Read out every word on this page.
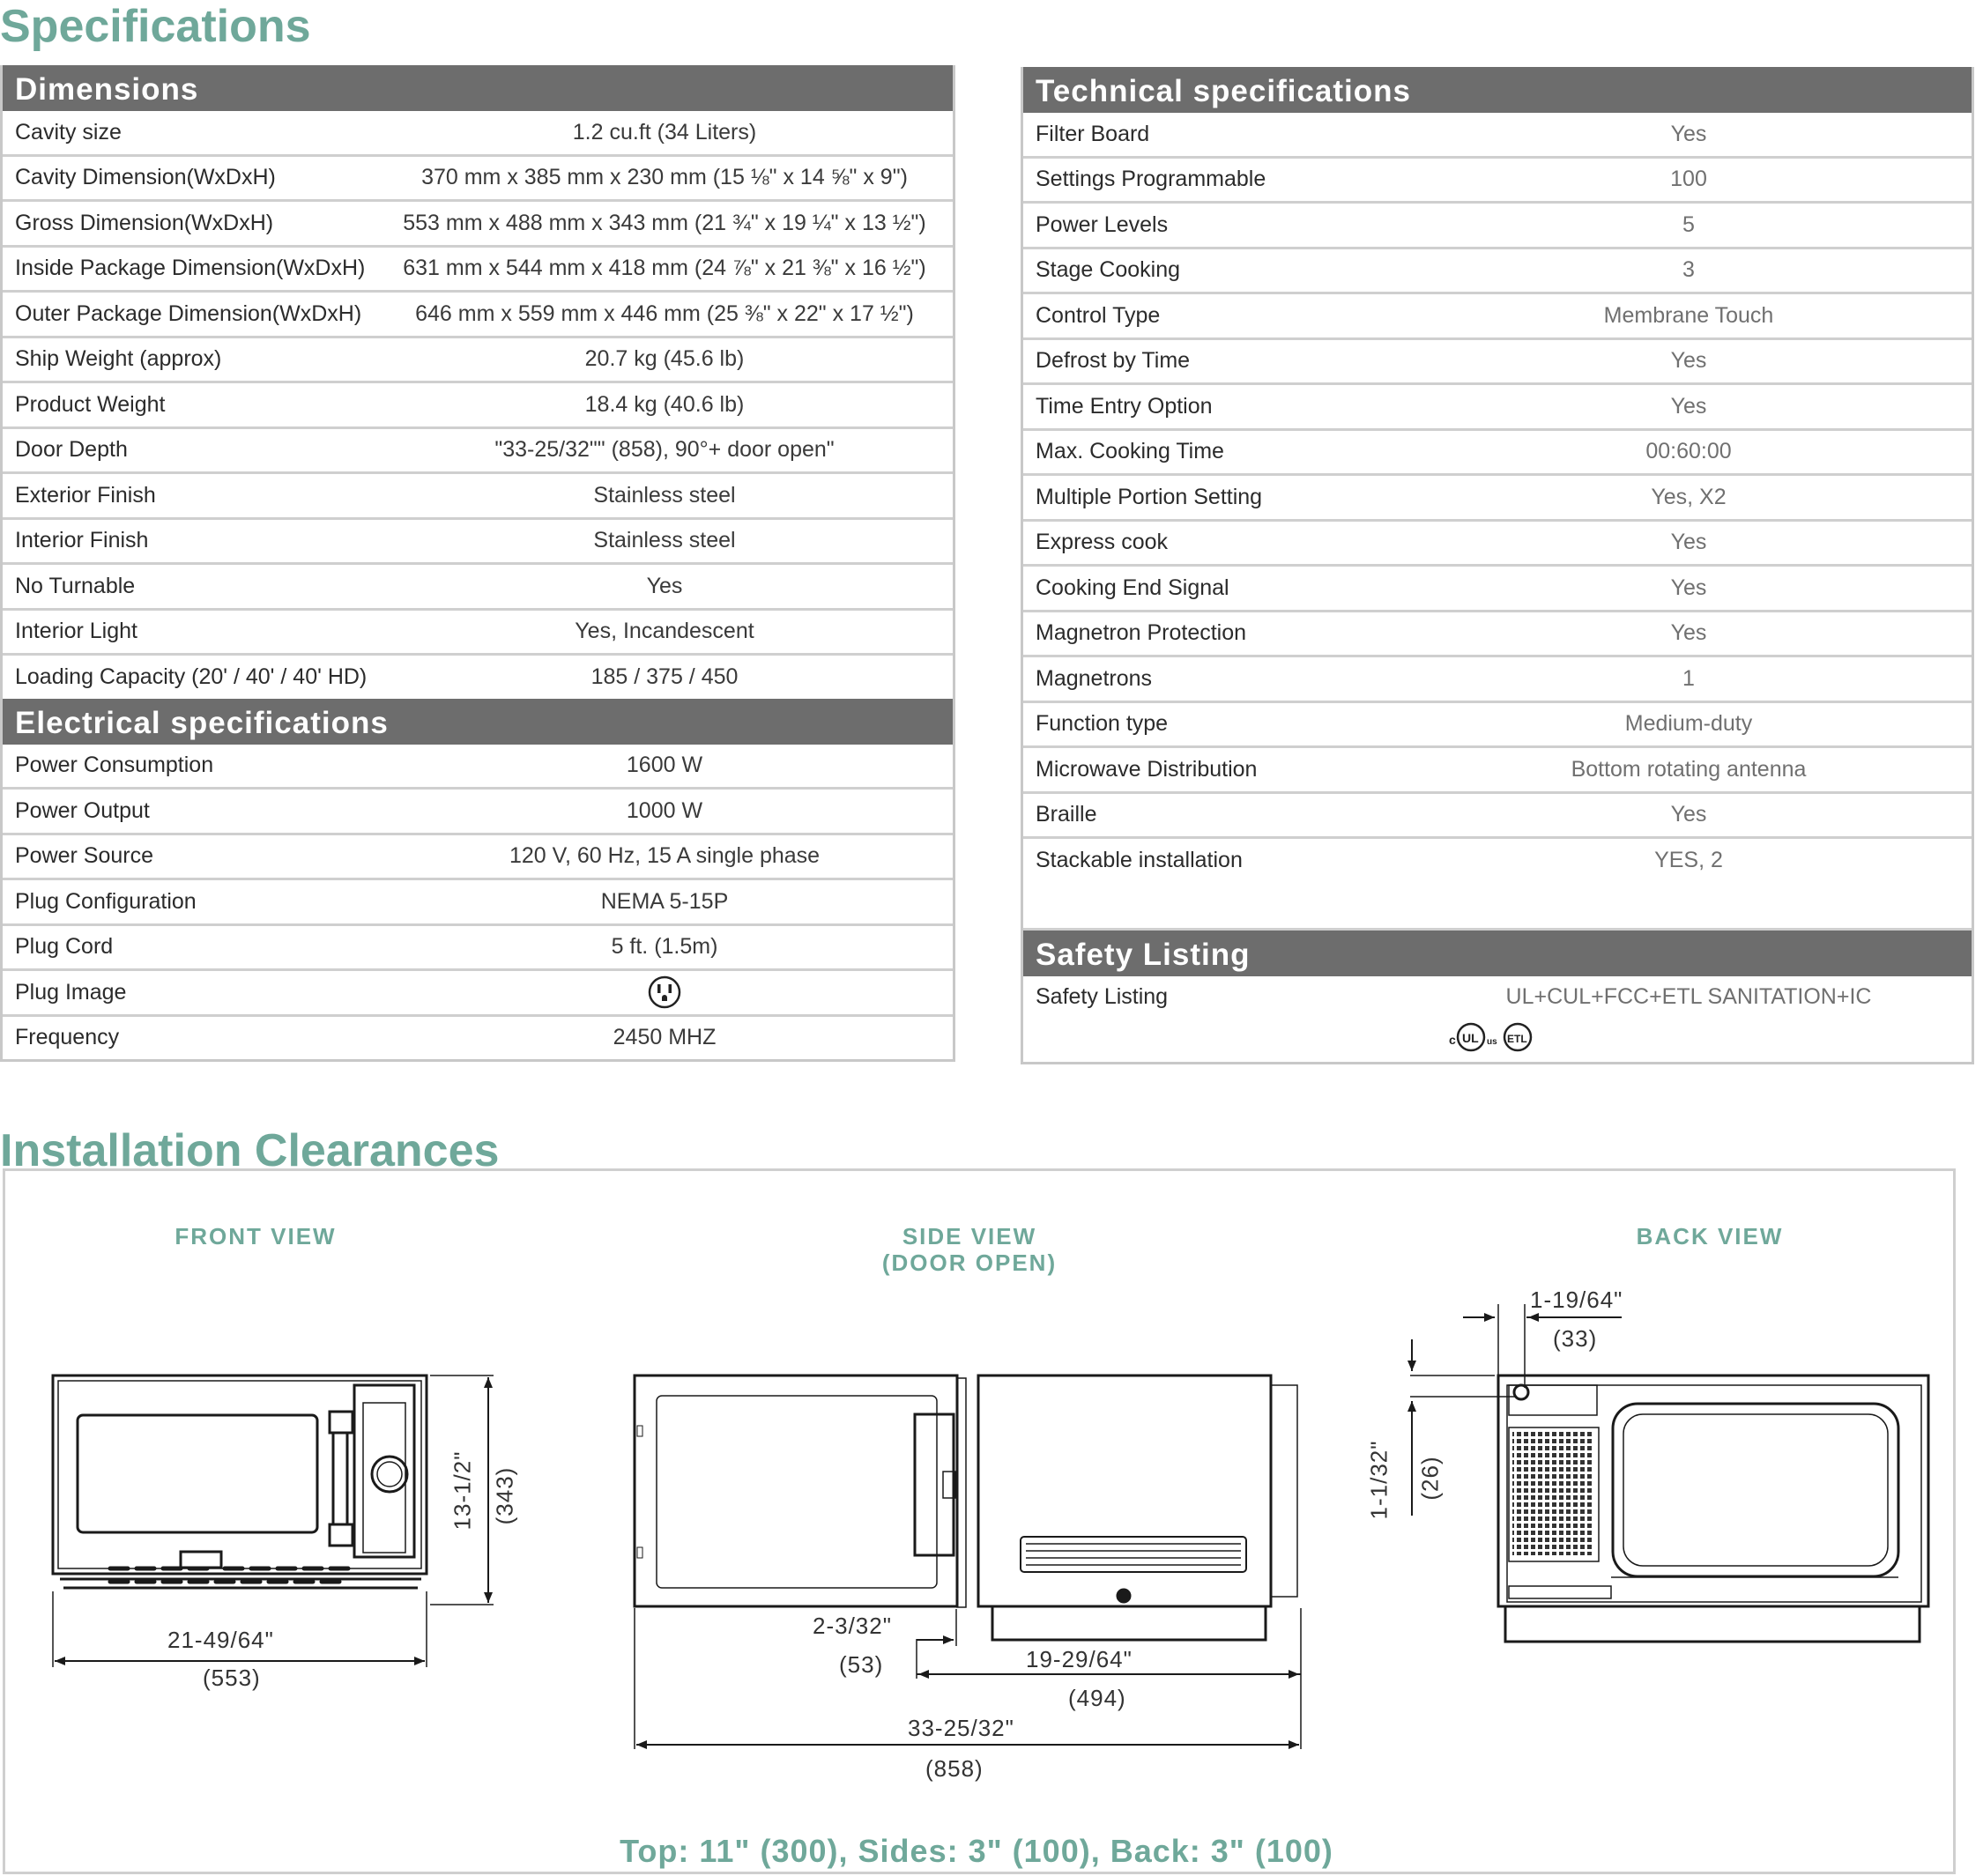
Specifications
Dimensions
Cavity size	1.2 cu.ft (34 Liters)
Cavity Dimension(WxDxH)	370 mm x 385 mm x 230 mm (15 ⅛" x 14 ⅝" x 9")
Gross Dimension(WxDxH)	553 mm x 488 mm x 343 mm (21 ¾" x 19 ¼" x 13 ½")
Inside Package Dimension(WxDxH)	631 mm x 544 mm x 418 mm (24 ⅞" x 21 ⅜" x 16 ½")
Outer Package Dimension(WxDxH)	646 mm x 559 mm x 446 mm (25 ⅜" x 22" x 17 ½")
Ship Weight (approx)	20.7 kg (45.6 lb)
Product Weight	18.4 kg (40.6 lb)
Door Depth	"33-25/32"" (858), 90°+ door open"
Exterior Finish	Stainless steel
Interior Finish	Stainless steel
No Turnable	Yes
Interior Light	Yes, Incandescent
Loading Capacity (20' / 40' / 40' HD)	185 / 375 / 450
Electrical specifications
Power Consumption	1600 W
Power Output	1000 W
Power Source	120 V, 60 Hz, 15 A single phase
Plug Configuration	NEMA 5-15P
Plug Cord	5 ft. (1.5m)
Plug Image
Frequency	2450 MHZ
Technical specifications
Filter Board	Yes
Settings Programmable	100
Power Levels	5
Stage Cooking	3
Control Type	Membrane Touch
Defrost by Time	Yes
Time Entry Option	Yes
Max. Cooking Time	00:60:00
Multiple Portion Setting	Yes, X2
Express cook	Yes
Cooking End Signal	Yes
Magnetron Protection	Yes
Magnetrons	1
Function type	Medium-duty
Microwave Distribution	Bottom rotating antenna
Braille	Yes
Stackable installation	YES, 2
Safety Listing
Safety Listing	UL+CUL+FCC+ETL SANITATION+IC
c UL us ETL
Installation Clearances
FRONT VIEW	SIDE VIEW
(DOOR OPEN)
BACK VIEW
21-49/64"
(553)
13-1/2" (343)
2-3/32"
(53)	19-29/64"
(494)
33-25/32"
(858)
1-19/64"
(33)
1-1/32" (26)
Top: 11" (300), Sides: 3" (100), Back: 3" (100)
